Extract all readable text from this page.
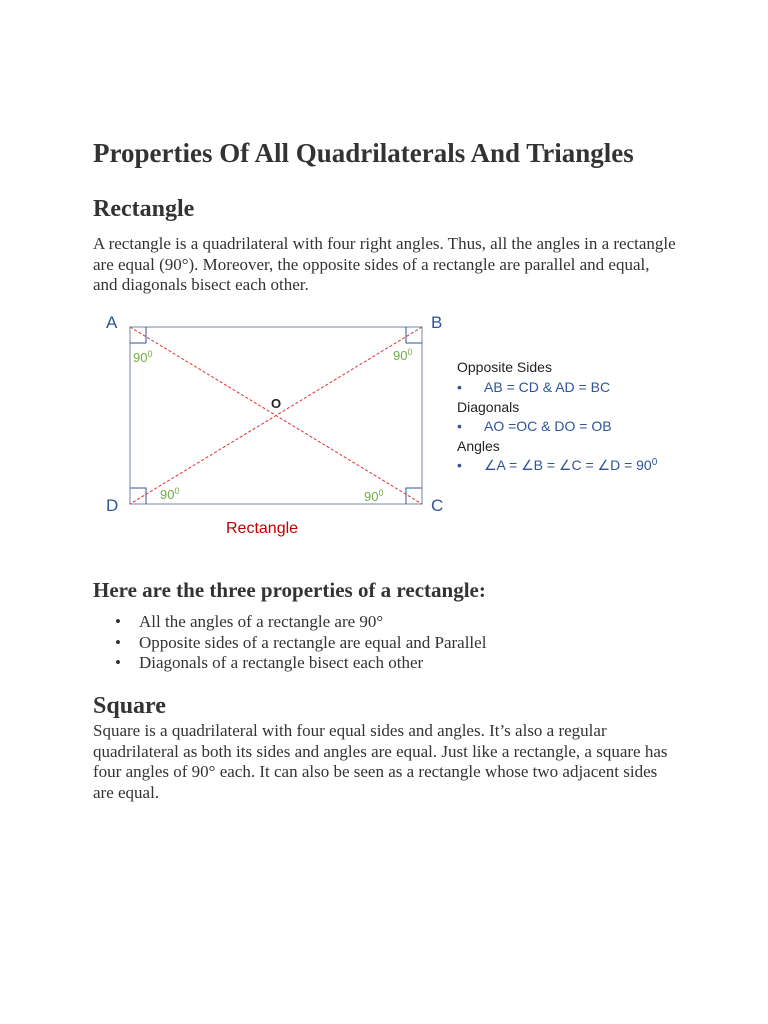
Properties Of All Quadrilaterals And Triangles
Rectangle

A rectangle is a quadrilateral with four right angles. Thus, all the angles in a rectangle are equal (90°). Moreover, the opposite sides of a rectangle are parallel and equal, and diagonals bisect each other.

A	B
D	C
O
$90^0$	$90^0$
$90^0$	$90^0$
Rectangle
Opposite Sides
• AB = CD & AD = BC
Diagonals
• AO =OC & DO = OB
Angles
• ∠A = ∠B = ∠C = ∠D = $90^0$
Here are the three properties of a rectangle:
• All the angles of a rectangle are 90°
• Opposite sides of a rectangle are equal and Parallel
• Diagonals of a rectangle bisect each other
Square

Square is a quadrilateral with four equal sides and angles. It’s also a regular quadrilateral as both its sides and angles are equal. Just like a rectangle, a square has four angles of 90° each. It can also be seen as a rectangle whose two adjacent sides are equal.
